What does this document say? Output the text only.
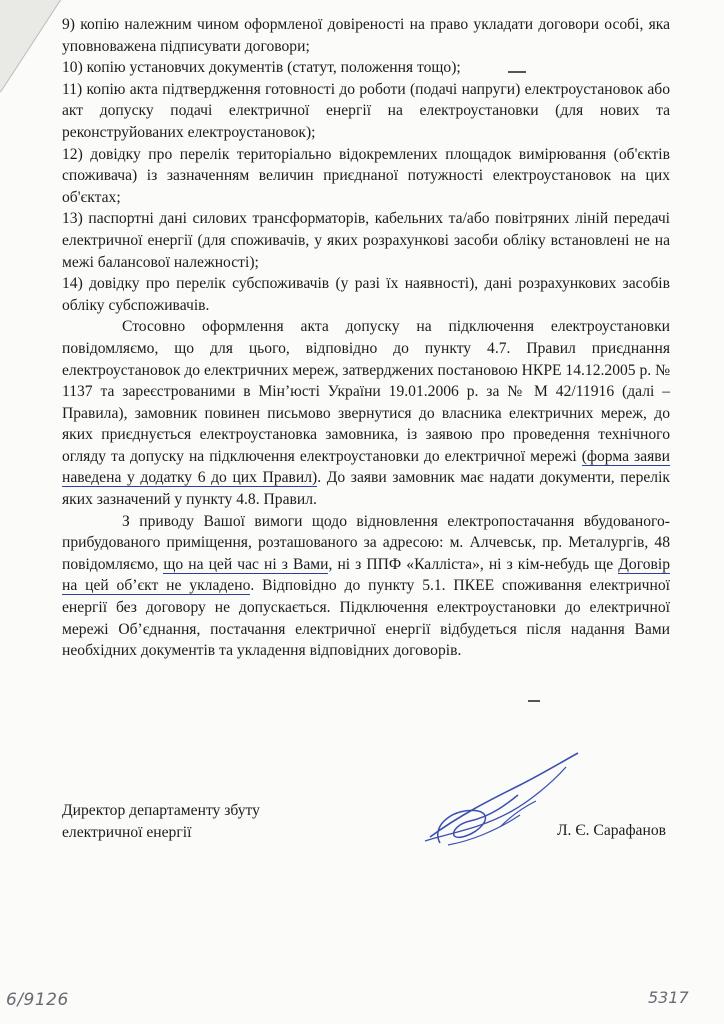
9) копію належним чином оформленої довіреності на право укладати договори особі, яка уповноважена підписувати договори;

10) копію установчих документів (статут, положення тощо);

11) копію акта підтвердження готовності до роботи (подачі напруги) електроустановок або акт допуску подачі електричної енергії на електроустановки (для нових та реконструйованих електроустановок);

12) довідку про перелік територіально відокремлених площадок вимірювання (об'єктів споживача) із зазначенням величин приєднаної потужності електроустановок на цих об'єктах;

13) паспортні дані силових трансформаторів, кабельних та/або повітряних ліній передачі електричної енергії (для споживачів, у яких розрахункові засоби обліку встановлені не на межі балансової належності);

14) довідку про перелік субспоживачів (у разі їх наявності), дані розрахункових засобів обліку субспоживачів.

Стосовно оформлення акта допуску на підключення електроустановки повідомляємо, що для цього, відповідно до пункту 4.7. Правил приєднання електроустановок до електричних мереж, затверджених постановою НКРЕ 14.12.2005 р. № 1137 та зареєстрованими в Мін’юсті України 19.01.2006 р. за № М 42/11916 (далі – Правила), замовник повинен письмово звернутися до власника електричних мереж, до яких приєднується електроустановка замовника, із заявою про проведення технічного огляду та допуску на підключення електроустановки до електричної мережі (форма заяви наведена у додатку 6 до цих Правил). До заяви замовник має надати документи, перелік яких зазначений у пункту 4.8. Правил.

З приводу Вашої вимоги щодо відновлення електропостачання вбудованого-прибудованого приміщення, розташованого за адресою: м. Алчевськ, пр. Металургів, 48 повідомляємо, що на цей час ні з Вами, ні з ППФ «Калліста», ні з кім-небудь ще Договір на цей об’єкт не укладено. Відповідно до пункту 5.1. ПКЕЕ споживання електричної енергії без договору не допускається. Підключення електроустановки до електричної мережі Об’єднання, постачання електричної енергії відбудеться після надання Вами необхідних документів та укладення відповідних договорів.

Директор департаменту збуту
електричної енергії	Л. Є. Сарафанов
6/9126	5317
